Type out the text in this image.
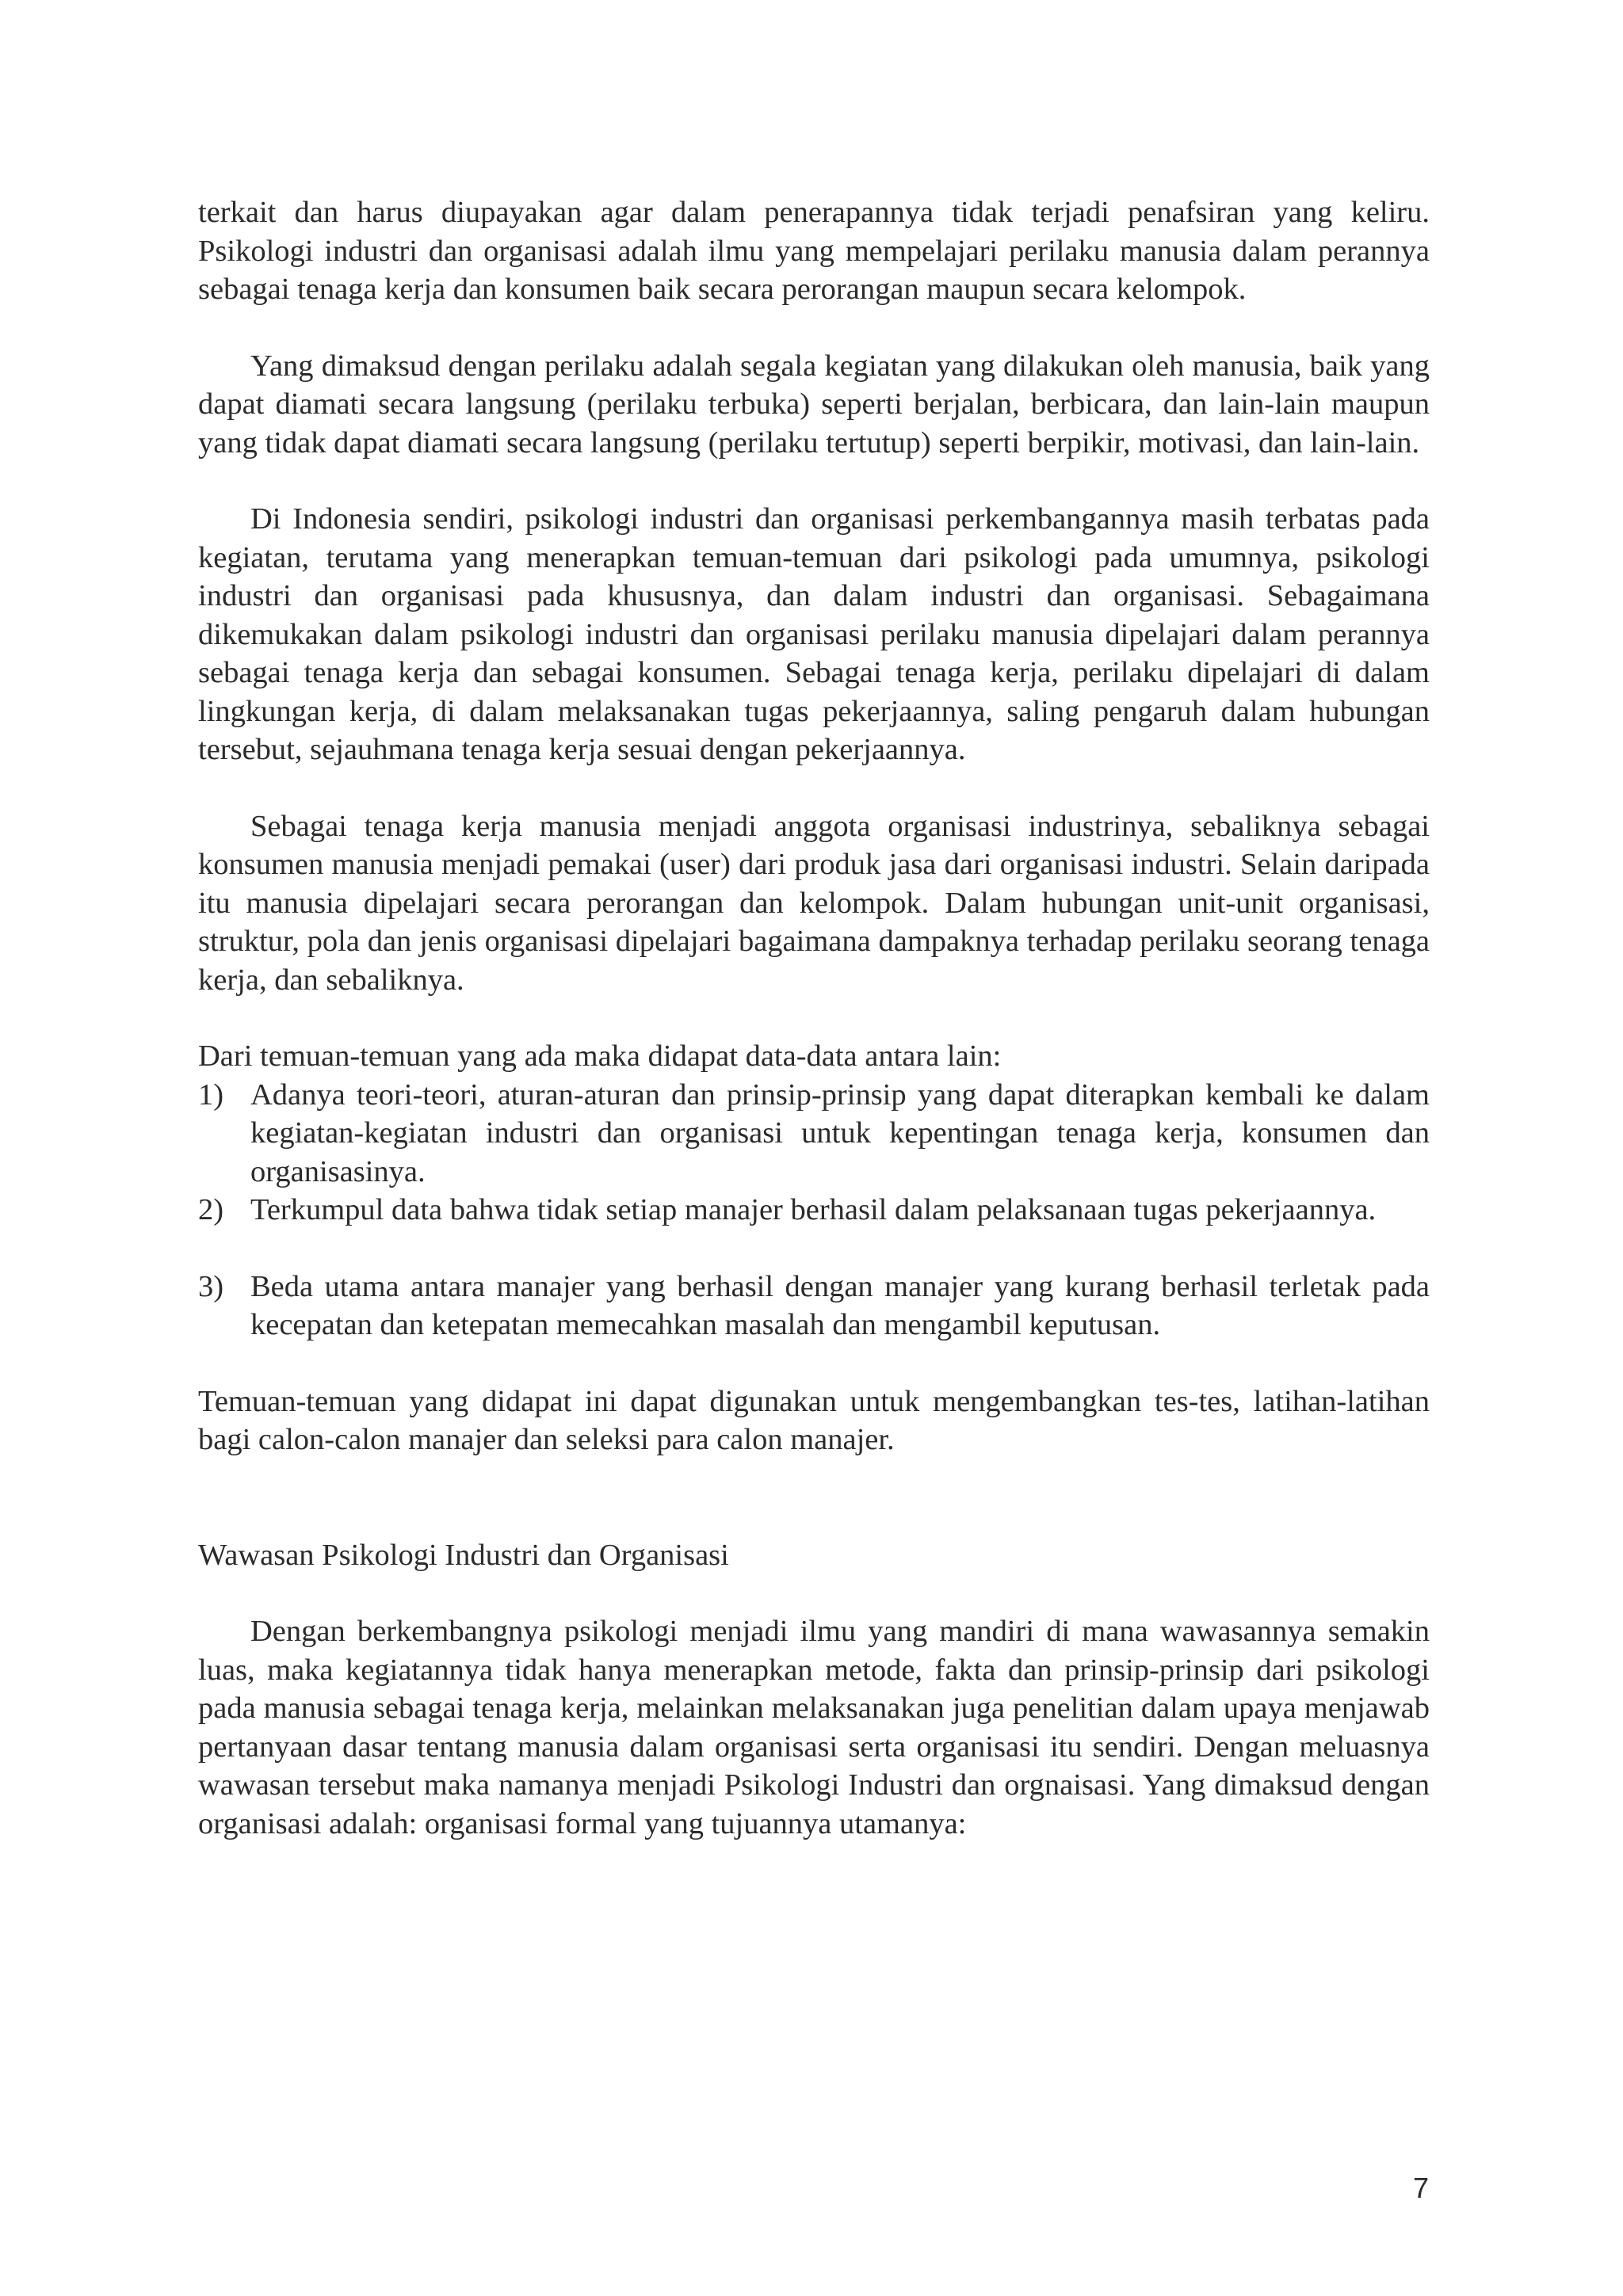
terkait dan harus diupayakan agar dalam penerapannya tidak terjadi penafsiran yang keliru. Psikologi industri dan organisasi adalah ilmu yang mempelajari perilaku manusia dalam perannya sebagai tenaga kerja dan konsumen baik secara perorangan maupun secara kelompok.

Yang dimaksud dengan perilaku adalah segala kegiatan yang dilakukan oleh manusia, baik yang dapat diamati secara langsung (perilaku terbuka) seperti berjalan, berbicara, dan lain-lain maupun yang tidak dapat diamati secara langsung (perilaku tertutup) seperti berpikir, motivasi, dan lain-lain.

Di Indonesia sendiri, psikologi industri dan organisasi perkembangannya masih terbatas pada kegiatan, terutama yang menerapkan temuan-temuan dari psikologi pada umumnya, psikologi industri dan organisasi pada khususnya, dan dalam industri dan organisasi. Sebagaimana dikemukakan dalam psikologi industri dan organisasi perilaku manusia dipelajari dalam perannya sebagai tenaga kerja dan sebagai konsumen. Sebagai tenaga kerja, perilaku dipelajari di dalam lingkungan kerja, di dalam melaksanakan tugas pekerjaannya, saling pengaruh dalam hubungan tersebut, sejauhmana tenaga kerja sesuai dengan pekerjaannya.

Sebagai tenaga kerja manusia menjadi anggota organisasi industrinya, sebaliknya sebagai konsumen manusia menjadi pemakai (user) dari produk jasa dari organisasi industri. Selain daripada itu manusia dipelajari secara perorangan dan kelompok. Dalam hubungan unit-unit organisasi, struktur, pola dan jenis organisasi dipelajari bagaimana dampaknya terhadap perilaku seorang tenaga kerja, dan sebaliknya.

Dari temuan-temuan yang ada maka didapat data-data antara lain:

1) Adanya teori-teori, aturan-aturan dan prinsip-prinsip yang dapat diterapkan kembali ke dalam kegiatan-kegiatan industri dan organisasi untuk kepentingan tenaga kerja, konsumen dan organisasinya.
2) Terkumpul data bahwa tidak setiap manajer berhasil dalam pelaksanaan tugas pekerjaannya.
3) Beda utama antara manajer yang berhasil dengan manajer yang kurang berhasil terletak pada kecepatan dan ketepatan memecahkan masalah dan mengambil keputusan.

Temuan-temuan yang didapat ini dapat digunakan untuk mengembangkan tes-tes, latihan-latihan bagi calon-calon manajer dan seleksi para calon manajer.

Wawasan Psikologi Industri dan Organisasi

Dengan berkembangnya psikologi menjadi ilmu yang mandiri di mana wawasannya semakin luas, maka kegiatannya tidak hanya menerapkan metode, fakta dan prinsip-prinsip dari psikologi pada manusia sebagai tenaga kerja, melainkan melaksanakan juga penelitian dalam upaya menjawab pertanyaan dasar tentang manusia dalam organisasi serta organisasi itu sendiri. Dengan meluasnya wawasan tersebut maka namanya menjadi Psikologi Industri dan orgnaisasi. Yang dimaksud dengan organisasi adalah: organisasi formal yang tujuannya utamanya:

7
